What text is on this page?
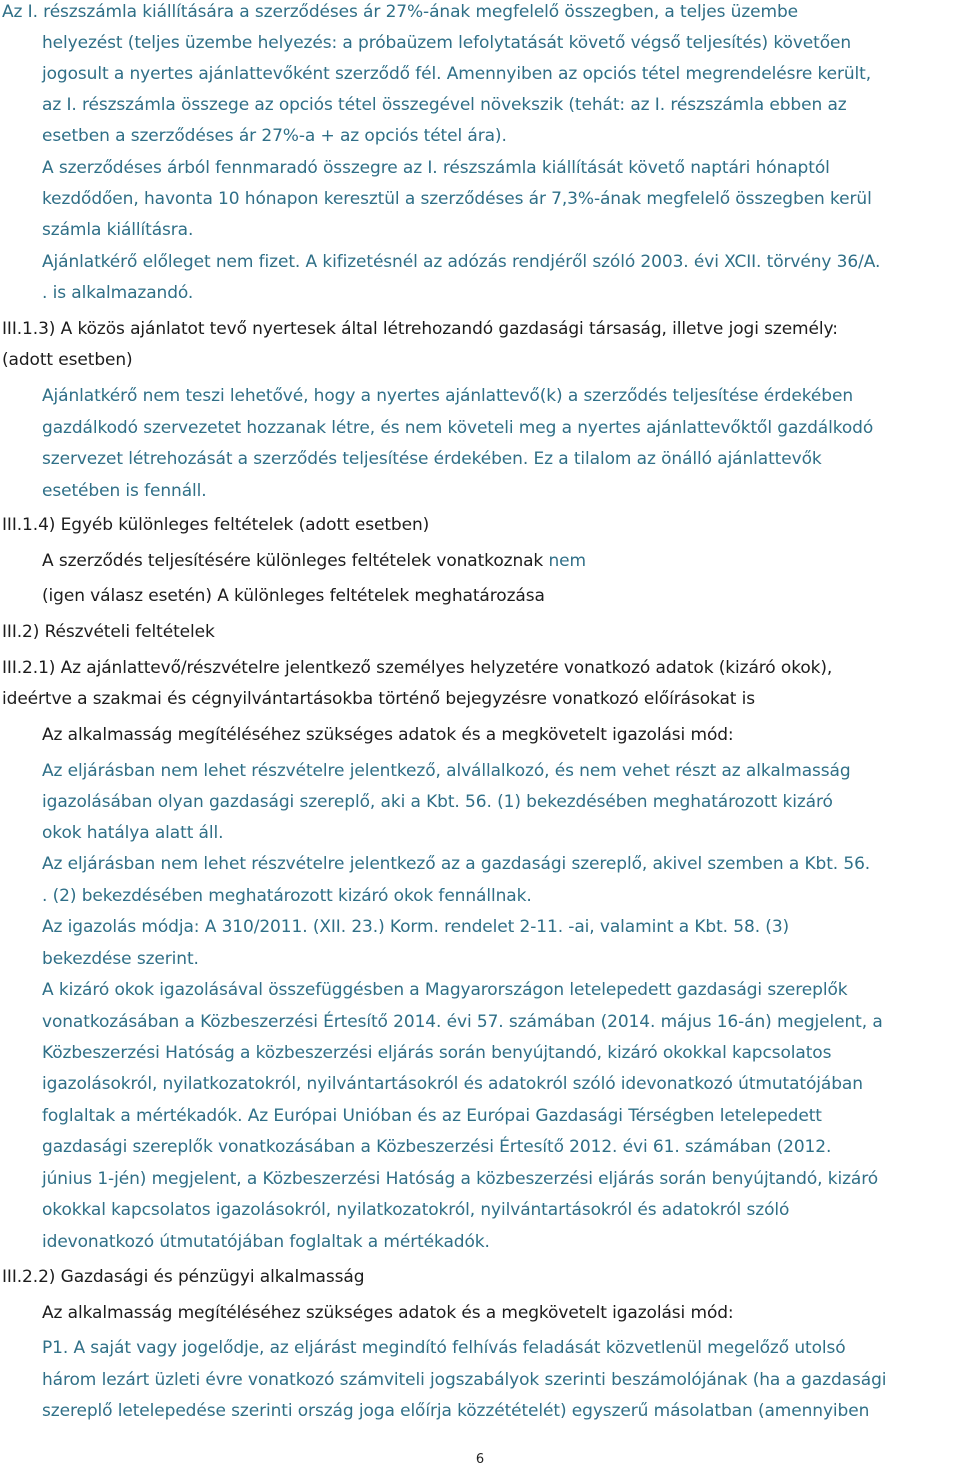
Az I. részszámla kiállítására a szerződéses ár 27%-ának megfelelő összegben, a teljes üzembe
helyezést (teljes üzembe helyezés: a próbaüzem lefolytatását követő végső teljesítés) követően
jogosult a nyertes ajánlattevőként szerződő fél. Amennyiben az opciós tétel megrendelésre került,
az I. részszámla összege az opciós tétel összegével növekszik (tehát: az I. részszámla ebben az
esetben a szerződéses ár 27%-a + az opciós tétel ára).
A szerződéses árból fennmaradó összegre az I. részszámla kiállítását követő naptári hónaptól
kezdődően, havonta 10 hónapon keresztül a szerződéses ár 7,3%-ának megfelelő összegben kerül
számla kiállításra.
Ajánlatkérő előleget nem fizet. A kifizetésnél az adózás rendjéről szóló 2003. évi XCII. törvény 36/A.
. is alkalmazandó.
III.1.3) A közös ajánlatot tevő nyertesek által létrehozandó gazdasági társaság, illetve jogi személy:
(adott esetben)
Ajánlatkérő nem teszi lehetővé, hogy a nyertes ajánlattevő(k) a szerződés teljesítése érdekében
gazdálkodó szervezetet hozzanak létre, és nem követeli meg a nyertes ajánlattevőktől gazdálkodó
szervezet létrehozását a szerződés teljesítése érdekében. Ez a tilalom az önálló ajánlattevők
esetében is fennáll.
III.1.4) Egyéb különleges feltételek (adott esetben)
A szerződés teljesítésére különleges feltételek vonatkoznak nem
(igen válasz esetén) A különleges feltételek meghatározása
III.2) Részvételi feltételek
III.2.1) Az ajánlattevő/részvételre jelentkező személyes helyzetére vonatkozó adatok (kizáró okok),
ideértve a szakmai és cégnyilvántartásokba történő bejegyzésre vonatkozó előírásokat is
Az alkalmasság megítéléséhez szükséges adatok és a megkövetelt igazolási mód:
Az eljárásban nem lehet részvételre jelentkező, alvállalkozó, és nem vehet részt az alkalmasság
igazolásában olyan gazdasági szereplő, aki a Kbt. 56. (1) bekezdésében meghatározott kizáró
okok hatálya alatt áll.
Az eljárásban nem lehet részvételre jelentkező az a gazdasági szereplő, akivel szemben a Kbt. 56.
. (2) bekezdésében meghatározott kizáró okok fennállnak.
Az igazolás módja: A 310/2011. (XII. 23.) Korm. rendelet 2-11. -ai, valamint a Kbt. 58. (3)
bekezdése szerint.
A kizáró okok igazolásával összefüggésben a Magyarországon letelepedett gazdasági szereplők
vonatkozásában a Közbeszerzési Értesítő 2014. évi 57. számában (2014. május 16-án) megjelent, a
Közbeszerzési Hatóság a közbeszerzési eljárás során benyújtandó, kizáró okokkal kapcsolatos
igazolásokról, nyilatkozatokról, nyilvántartásokról és adatokról szóló idevonatkozó útmutatójában
foglaltak a mértékadók. Az Európai Unióban és az Európai Gazdasági Térségben letelepedett
gazdasági szereplők vonatkozásában a Közbeszerzési Értesítő 2012. évi 61. számában (2012.
június 1-jén) megjelent, a Közbeszerzési Hatóság a közbeszerzési eljárás során benyújtandó, kizáró
okokkal kapcsolatos igazolásokról, nyilatkozatokról, nyilvántartásokról és adatokról szóló
idevonatkozó útmutatójában foglaltak a mértékadók.
III.2.2) Gazdasági és pénzügyi alkalmasság
Az alkalmasság megítéléséhez szükséges adatok és a megkövetelt igazolási mód:
P1. A saját vagy jogelődje, az eljárást megindító felhívás feladását közvetlenül megelőző utolsó
három lezárt üzleti évre vonatkozó számviteli jogszabályok szerinti beszámolójának (ha a gazdasági
szereplő letelepedése szerinti ország joga előírja közzétételét) egyszerű másolatban (amennyiben
6
